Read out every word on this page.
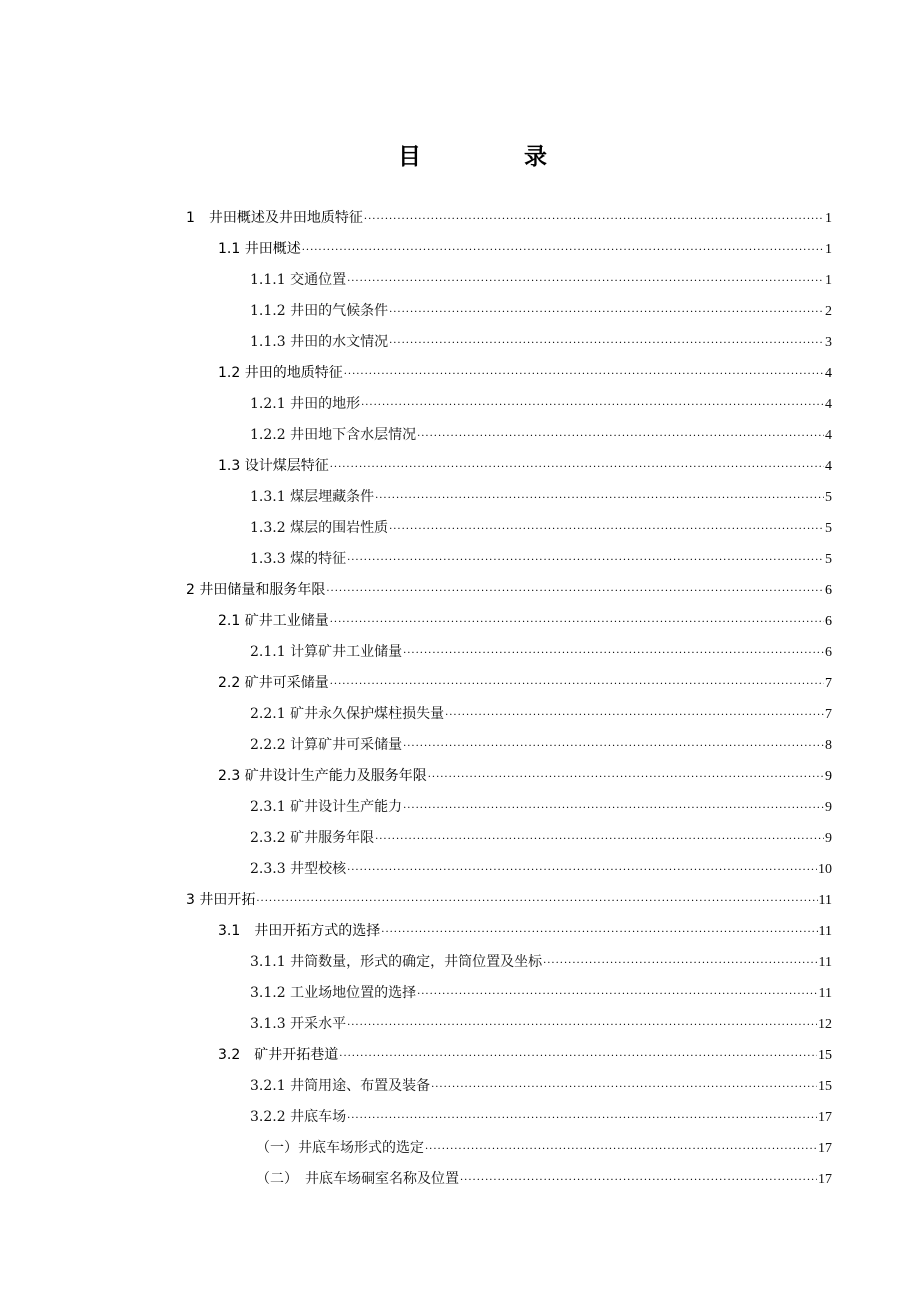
目　录
1　井田概述及井田地质特征 ·····	1
1.1 井田概述 ·····	1
1.1.1 交通位置 ·····	1
1.1.2 井田的气候条件 ·····	2
1.1.3 井田的水文情况 ·····	3
1.2 井田的地质特征 ·····	4
1.2.1 井田的地形 ·····	4
1.2.2 井田地下含水层情况 ·····	4
1.3 设计煤层特征 ·····	4
1.3.1 煤层埋藏条件 ·····	5
1.3.2 煤层的围岩性质 ·····	5
1.3.3 煤的特征 ·····	5
2 井田储量和服务年限 ·····	6
2.1 矿井工业储量 ·····	6
2.1.1 计算矿井工业储量 ·····	6
2.2 矿井可采储量 ·····	7
2.2.1 矿井永久保护煤柱损失量 ·····	7
2.2.2 计算矿井可采储量 ·····	8
2.3 矿井设计生产能力及服务年限 ·····	9
2.3.1 矿井设计生产能力 ·····	9
2.3.2 矿井服务年限 ·····	9
2.3.3 井型校核 ·····	10
3 井田开拓 ·····	11
3.1　井田开拓方式的选择 ·····	11
3.1.1 井筒数量，形式的确定，井筒位置及坐标 ·····	11
3.1.2 工业场地位置的选择 ·····	11
3.1.3 开采水平 ·····	12
3.2　矿井开拓巷道 ·····	15
3.2.1 井筒用途、布置及装备 ·····	15
3.2.2 井底车场 ·····	17
（一）井底车场形式的选定 ·····	17
（二）　井底车场硐室名称及位置 ·····	17
